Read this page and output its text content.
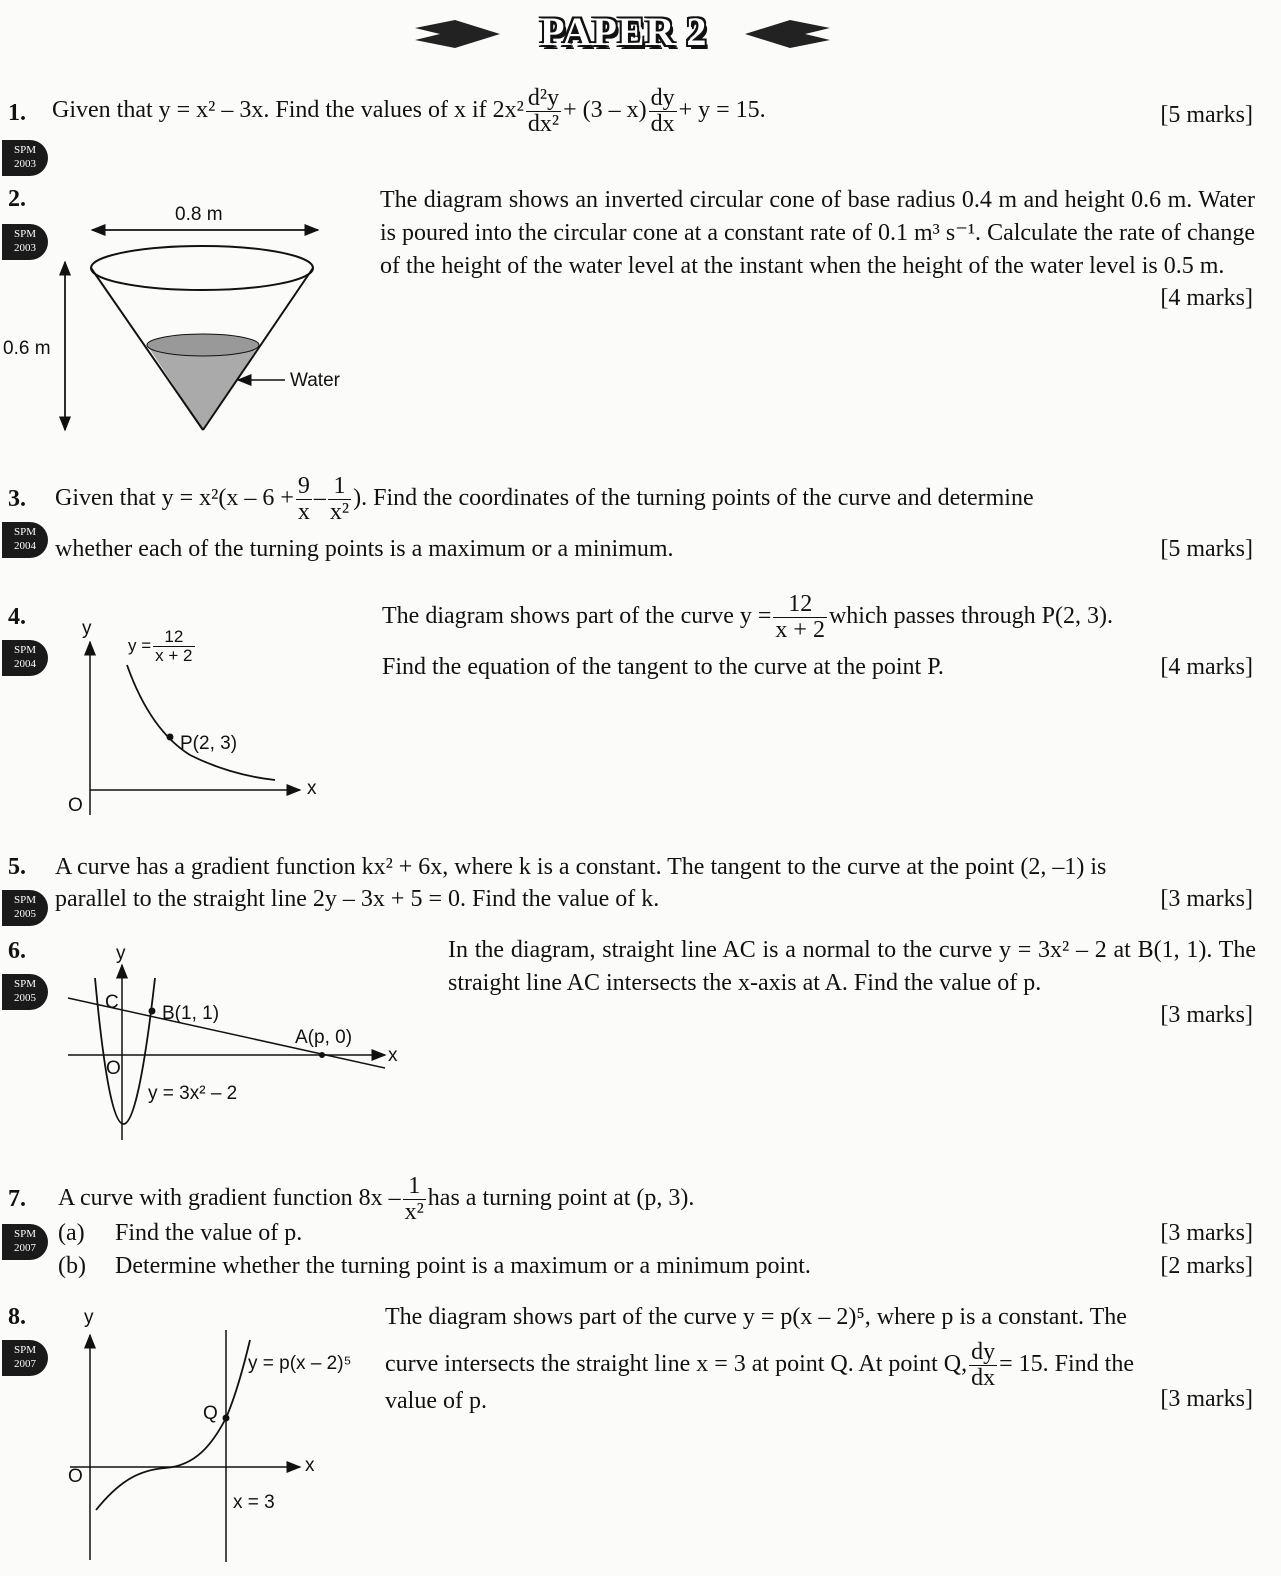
PAPER 2
1.
SPM
2003
Given that y = x² – 3x. Find the values of x if $2x^2 \frac{\text{d²y}}{\text{dx²}} + (3 - x) \frac{dy}{dx} + y = 15$.	[5 marks]
2.
SPM
2003
0.8 m
0.6 m
Water
The diagram shows an inverted circular cone of base radius 0.4 m and height 0.6 m. Water is poured into the circular cone at a constant rate of 0.1 m³ s⁻¹. Calculate the rate of change of the height of the water level at the instant when the height of the water level is 0.5 m.
[4 marks]
3.
SPM
2004
Given that $y = x^2(x - 6 + \frac{9}{x} - \frac{1}{\text{x²}}$ ). Find the coordinates of the turning points of the curve and determine
whether each of the turning points is a maximum or a minimum.	[5 marks]
4.
SPM
2004
y
x
O
$y = \frac{12}{x + 2}$
P(2, 3)
The diagram shows part of the curve $y = \frac{12}{x + 2}$ which passes through P(2, 3).
Find the equation of the tangent to the curve at the point P.	[4 marks]
5.
SPM
2005
A curve has a gradient function kx² + 6x, where k is a constant. The tangent to the curve at the point (2, –1) is
parallel to the straight line 2y – 3x + 5 = 0. Find the value of k.	[3 marks]
6.
SPM
2005
y
x
O
C
B(1, 1)
A(p, 0)
y = 3x² – 2
In the diagram, straight line AC is a normal to the curve y = 3x² – 2 at B(1, 1). The straight line AC intersects the x-axis at A. Find the value of p.
[3 marks]
7.
SPM
2007
A curve with gradient function $8x - \frac{1}{\text{x²}}$ has a turning point at (p, 3).
(a) Find the value of p.	[3 marks]
(b) Determine whether the turning point is a maximum or a minimum point.	[2 marks]
8.
SPM
2007
y
x
O
Q
y = p(x – 2)⁵
x = 3
The diagram shows part of the curve y = p(x – 2)⁵, where p is a constant. The
curve intersects the straight line x = 3 at point Q. At point Q, $\frac{dy}{dx} = 15$. Find the
value of p.	[3 marks]
